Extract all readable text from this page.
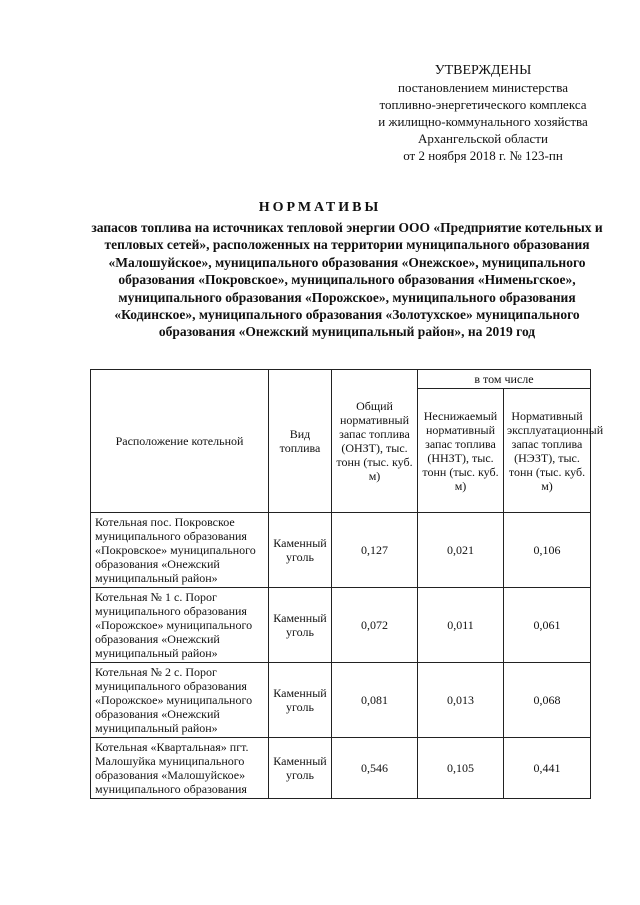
УТВЕРЖДЕНЫ
постановлением министерства
топливно-энергетического комплекса
и жилищно-коммунального хозяйства
Архангельской области
от 2 ноября 2018 г. № 123-пн
НОРМАТИВЫ
запасов топлива на источниках тепловой энергии ООО «Предприятие котельных и тепловых сетей», расположенных на территории муниципального образования «Малошуйское», муниципального образования «Онежское», муниципального образования «Покровское», муниципального образования «Нименьгское», муниципального образования «Порожское», муниципального образования «Кодинское», муниципального образования «Золотухское» муниципального образования «Онежский муниципальный район», на 2019 год
Расположение котельной	Вид топлива	Общий нормативный запас топлива (ОНЗТ), тыс. тонн (тыс. куб. м)	в том числе	
			Неснижаемый нормативный запас топлива (ННЗТ), тыс. тонн (тыс. куб. м)	Нормативный эксплуатационный запас топлива (НЭЗТ), тыс. тонн (тыс. куб. м)
Котельная пос. Покровское муниципального образования «Покровское» муниципального образования «Онежский муниципальный район»	Каменный уголь	0,127	0,021	0,106
Котельная № 1 с. Порог муниципального образования «Порожское» муниципального образования «Онежский муниципальный район»	Каменный уголь	0,072	0,011	0,061
Котельная № 2 с. Порог муниципального образования «Порожское» муниципального образования «Онежский муниципальный район»	Каменный уголь	0,081	0,013	0,068
Котельная «Квартальная» пгт. Малошуйка муниципального образования «Малошуйское» муниципального образования	Каменный уголь	0,546	0,105	0,441
